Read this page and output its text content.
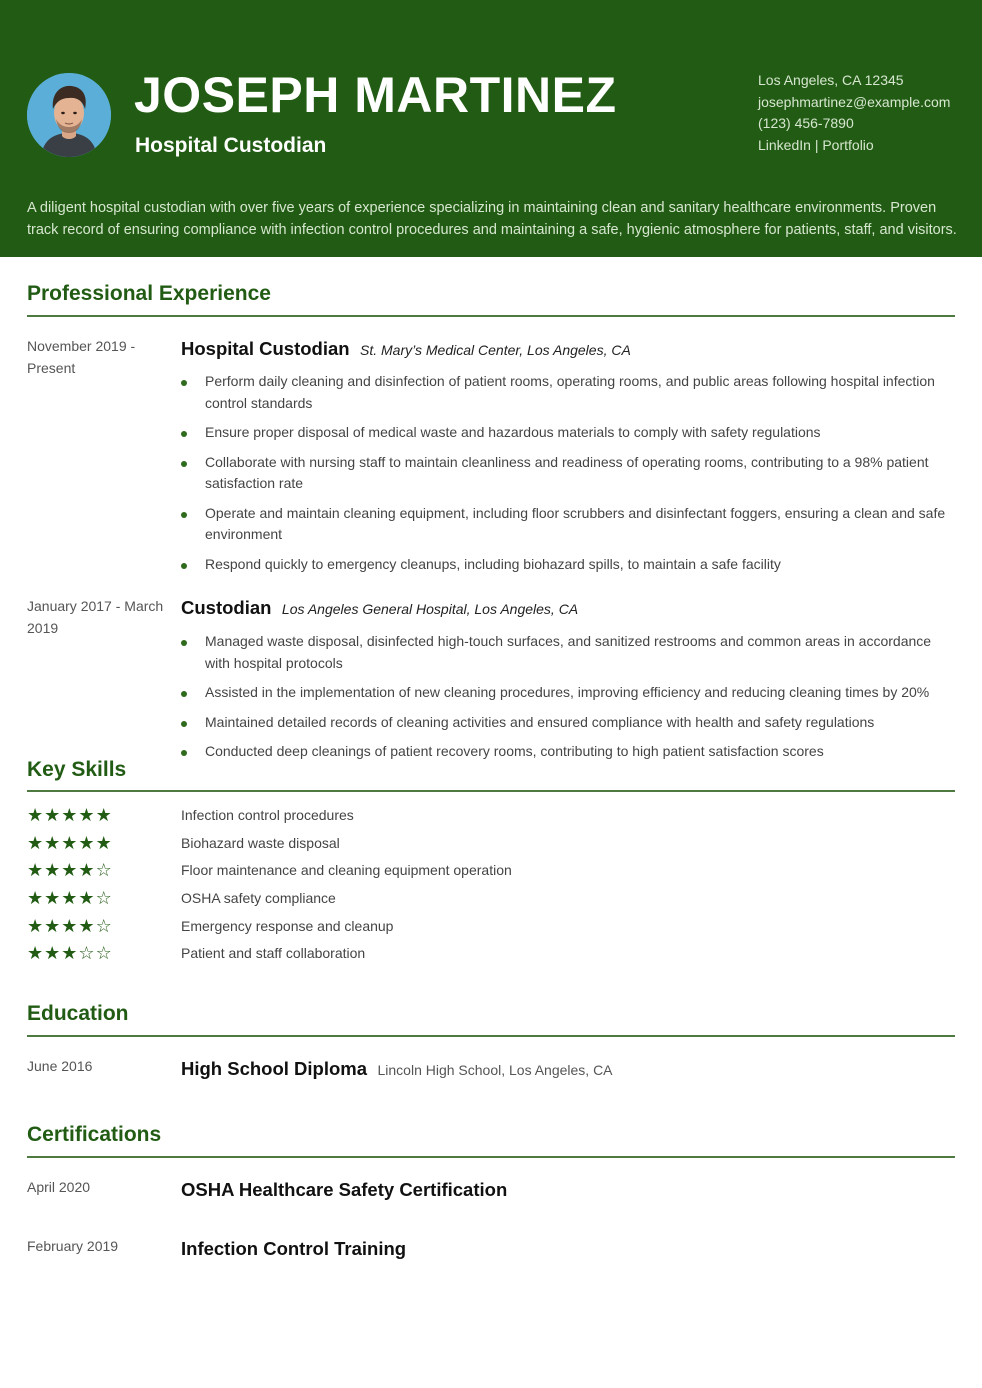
JOSEPH MARTINEZ
Hospital Custodian
Los Angeles, CA 12345
josephmartinez@example.com
(123) 456-7890
LinkedIn | Portfolio
A diligent hospital custodian with over five years of experience specializing in maintaining clean and sanitary healthcare environments. Proven track record of ensuring compliance with infection control procedures and maintaining a safe, hygienic atmosphere for patients, staff, and visitors.
Professional Experience
November 2019 - Present
Hospital Custodian St. Mary’s Medical Center, Los Angeles, CA
Perform daily cleaning and disinfection of patient rooms, operating rooms, and public areas following hospital infection control standards
Ensure proper disposal of medical waste and hazardous materials to comply with safety regulations
Collaborate with nursing staff to maintain cleanliness and readiness of operating rooms, contributing to a 98% patient satisfaction rate
Operate and maintain cleaning equipment, including floor scrubbers and disinfectant foggers, ensuring a clean and safe environment
Respond quickly to emergency cleanups, including biohazard spills, to maintain a safe facility
January 2017 - March 2019
Custodian Los Angeles General Hospital, Los Angeles, CA
Managed waste disposal, disinfected high-touch surfaces, and sanitized restrooms and common areas in accordance with hospital protocols
Assisted in the implementation of new cleaning procedures, improving efficiency and reducing cleaning times by 20%
Maintained detailed records of cleaning activities and ensured compliance with health and safety regulations
Conducted deep cleanings of patient recovery rooms, contributing to high patient satisfaction scores
Key Skills
★★★★★	Infection control procedures
★★★★★	Biohazard waste disposal
★★★★☆	Floor maintenance and cleaning equipment operation
★★★★☆	OSHA safety compliance
★★★★☆	Emergency response and cleanup
★★★☆☆	Patient and staff collaboration
Education
June 2016	High School Diploma Lincoln High School, Los Angeles, CA
Certifications
April 2020	OSHA Healthcare Safety Certification
February 2019	Infection Control Training
